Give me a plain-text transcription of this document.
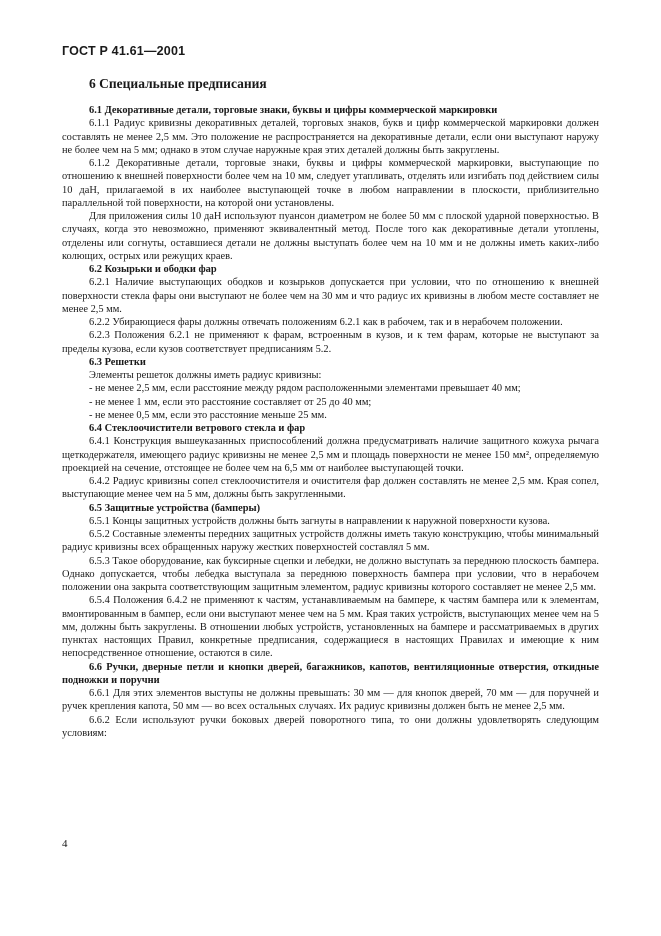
ГОСТ Р 41.61—2001
6 Специальные предписания

6.1 Декоративные детали, торговые знаки, буквы и цифры коммерческой маркировки

6.1.1 Радиус кривизны декоративных деталей, торговых знаков, букв и цифр коммерческой маркировки должен составлять не менее 2,5 мм. Это положение не распространяется на декоративные детали, если они выступают наружу не более чем на 5 мм; однако в этом случае наружные края этих деталей должны быть закруглены.

6.1.2 Декоративные детали, торговые знаки, буквы и цифры коммерческой маркировки, выступающие по отношению к внешней поверхности более чем на 10 мм, следует утапливать, отделять или изгибать под действием силы 10 даН, прилагаемой в их наиболее выступающей точке в любом направлении в плоскости, приблизительно параллельной той поверхности, на которой они установлены.

Для приложения силы 10 даН используют пуансон диаметром не более 50 мм с плоской ударной поверхностью. В случаях, когда это невозможно, применяют эквивалентный метод. После того как декоративные детали утоплены, отделены или согнуты, оставшиеся детали не должны выступать более чем на 10 мм и не должны иметь каких-либо колющих, острых или режущих краев.

6.2 Козырьки и ободки фар

6.2.1 Наличие выступающих ободков и козырьков допускается при условии, что по отношению к внешней поверхности стекла фары они выступают не более чем на 30 мм и что радиус их кривизны в любом месте составляет не менее 2,5 мм.

6.2.2 Убирающиеся фары должны отвечать положениям 6.2.1 как в рабочем, так и в нерабочем положении.

6.2.3 Положения 6.2.1 не применяют к фарам, встроенным в кузов, и к тем фарам, которые не выступают за пределы кузова, если кузов соответствует предписаниям 5.2.

6.3 Решетки

Элементы решеток должны иметь радиус кривизны:

- не менее 2,5 мм, если расстояние между рядом расположенными элементами превышает 40 мм;

- не менее 1 мм, если это расстояние составляет от 25 до 40 мм;

- не менее 0,5 мм, если это расстояние меньше 25 мм.

6.4 Стеклоочистители ветрового стекла и фар

6.4.1 Конструкция вышеуказанных приспособлений должна предусматривать наличие защитного кожуха рычага щеткодержателя, имеющего радиус кривизны не менее 2,5 мм и площадь поверхности не менее 150 мм², определяемую проекцией на сечение, отстоящее не более чем на 6,5 мм от наиболее выступающей точки.

6.4.2 Радиус кривизны сопел стеклоочистителя и очистителя фар должен составлять не менее 2,5 мм. Края сопел, выступающие менее чем на 5 мм, должны быть закругленными.

6.5 Защитные устройства (бамперы)

6.5.1 Концы защитных устройств должны быть загнуты в направлении к наружной поверхности кузова.

6.5.2 Составные элементы передних защитных устройств должны иметь такую конструкцию, чтобы минимальный радиус кривизны всех обращенных наружу жестких поверхностей составлял 5 мм.

6.5.3 Такое оборудование, как буксирные сцепки и лебедки, не должно выступать за переднюю плоскость бампера. Однако допускается, чтобы лебедка выступала за переднюю поверхность бампера при условии, что в нерабочем положении она закрыта соответствующим защитным элементом, радиус кривизны которого составляет не менее 2,5 мм.

6.5.4 Положения 6.4.2 не применяют к частям, устанавливаемым на бампере, к частям бампера или к элементам, вмонтированным в бампер, если они выступают менее чем на 5 мм. Края таких устройств, выступающих менее чем на 5 мм, должны быть закруглены. В отношении любых устройств, установленных на бампере и рассматриваемых в других пунктах настоящих Правил, конкретные предписания, содержащиеся в настоящих Правилах и имеющие к ним непосредственное отношение, остаются в силе.

6.6 Ручки, дверные петли и кнопки дверей, багажников, капотов, вентиляционные отверстия, откидные подножки и поручни

6.6.1 Для этих элементов выступы не должны превышать: 30 мм — для кнопок дверей, 70 мм — для поручней и ручек крепления капота, 50 мм — во всех остальных случаях. Их радиус кривизны должен быть не менее 2,5 мм.

6.6.2 Если используют ручки боковых дверей поворотного типа, то они должны удовлетворять следующим условиям:

4
